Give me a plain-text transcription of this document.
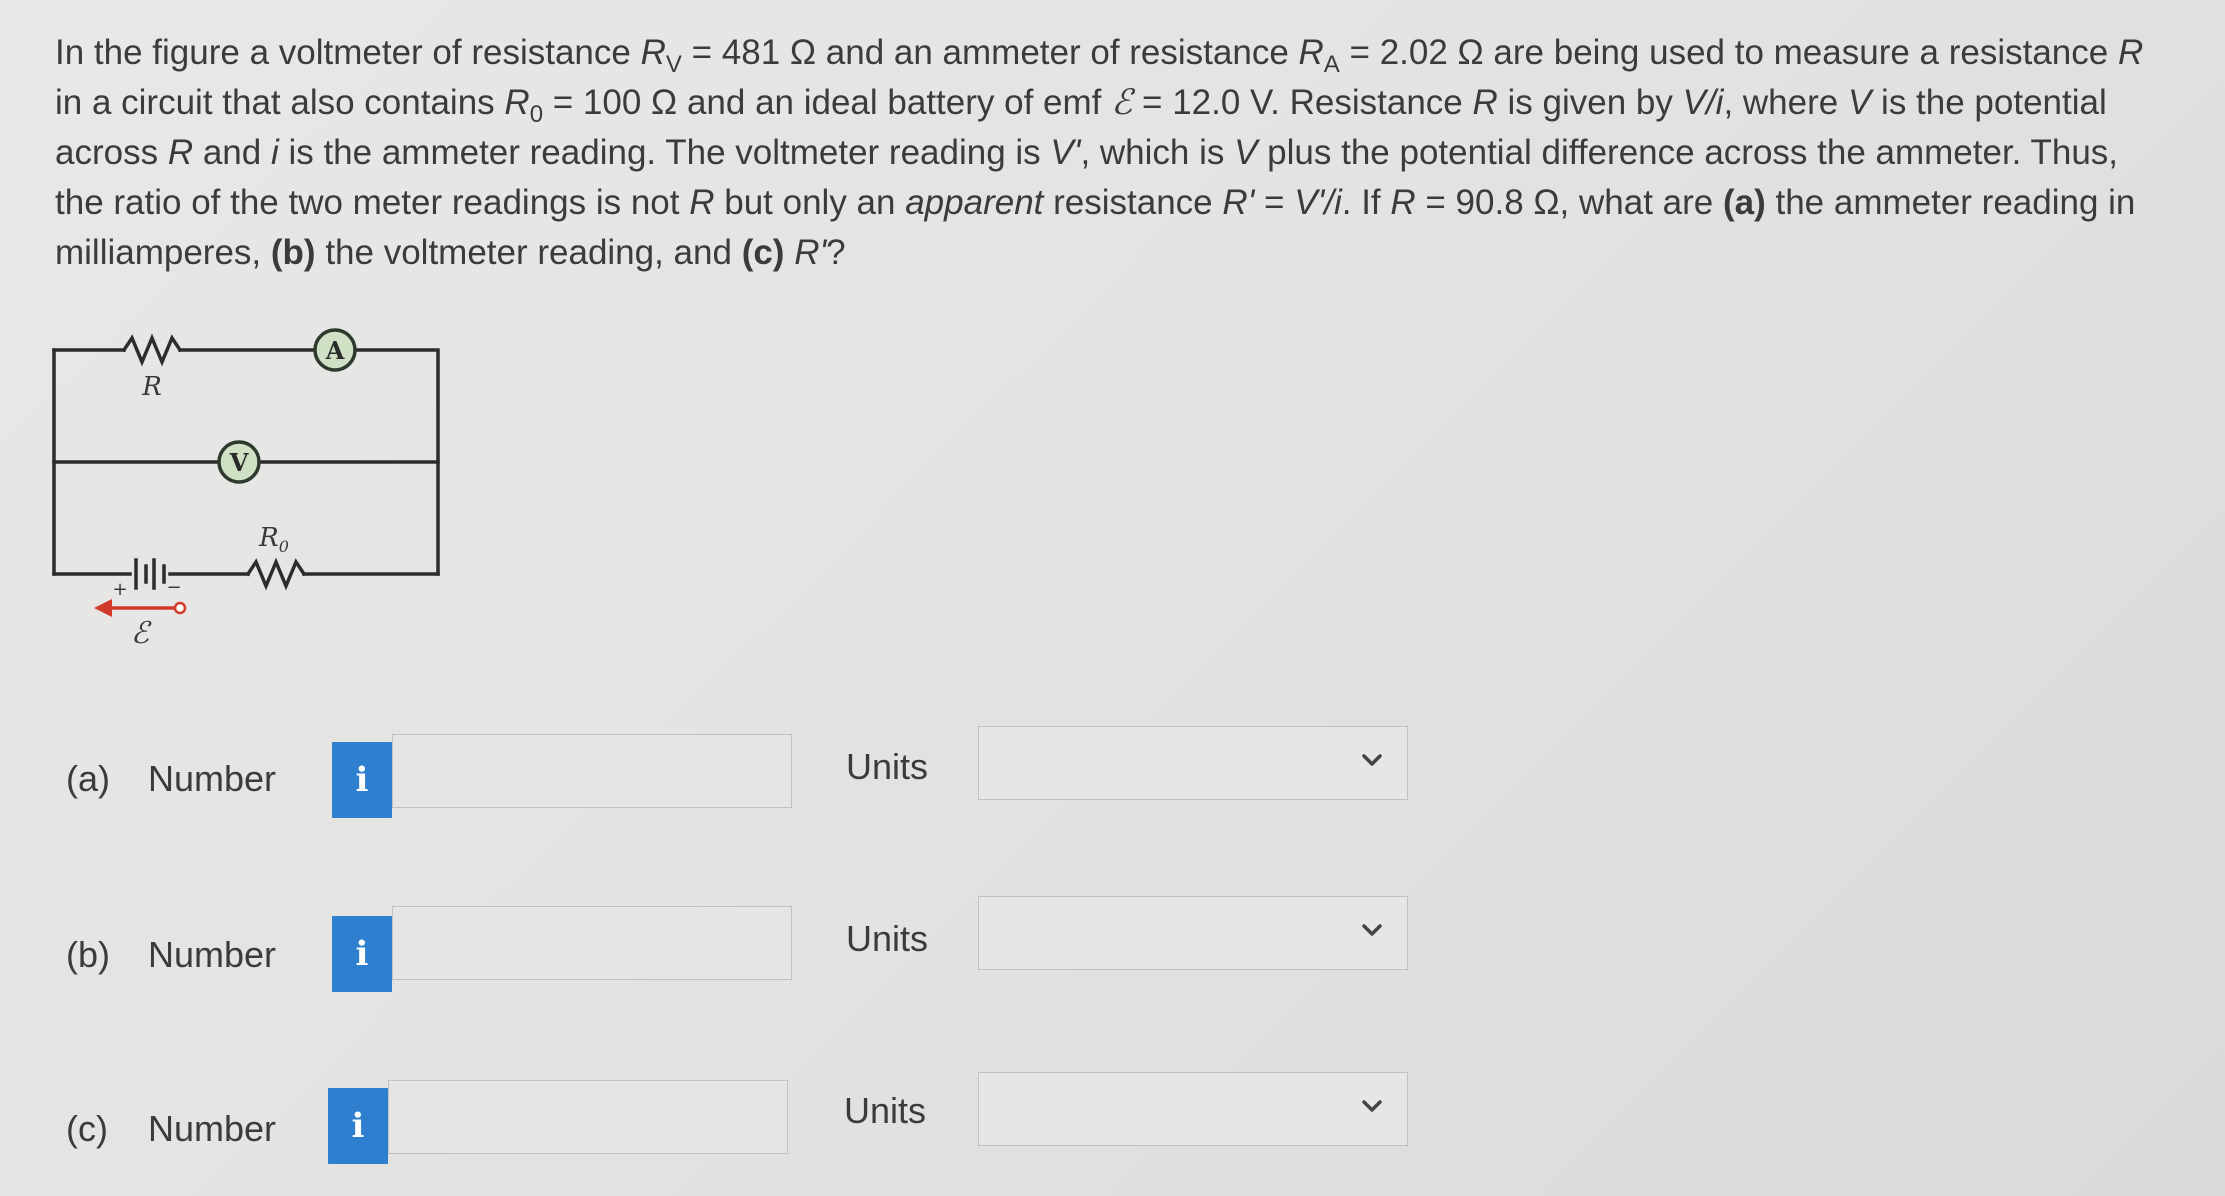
In the figure a voltmeter of resistance $R_V = 481$ Ω and an ammeter of resistance $R_A = 2.02$ Ω are being used to measure a resistance R in a circuit that also contains $R_0 = 100$ Ω and an ideal battery of emf ℰ = 12.0 V. Resistance R is given by V/i, where V is the potential across R and i is the ammeter reading. The voltmeter reading is V', which is V plus the potential difference across the ammeter. Thus, the ratio of the two meter readings is not R but only an apparent resistance R' = V'/i. If R = 90.8 Ω, what are (a) the ammeter reading in milliamperes, (b) the voltmeter reading, and (c) R'?
A
V
R
$R_0$
+ −
ℰ
(a) Number	i	Units
(b) Number	i	Units
(c) Number	i	Units
